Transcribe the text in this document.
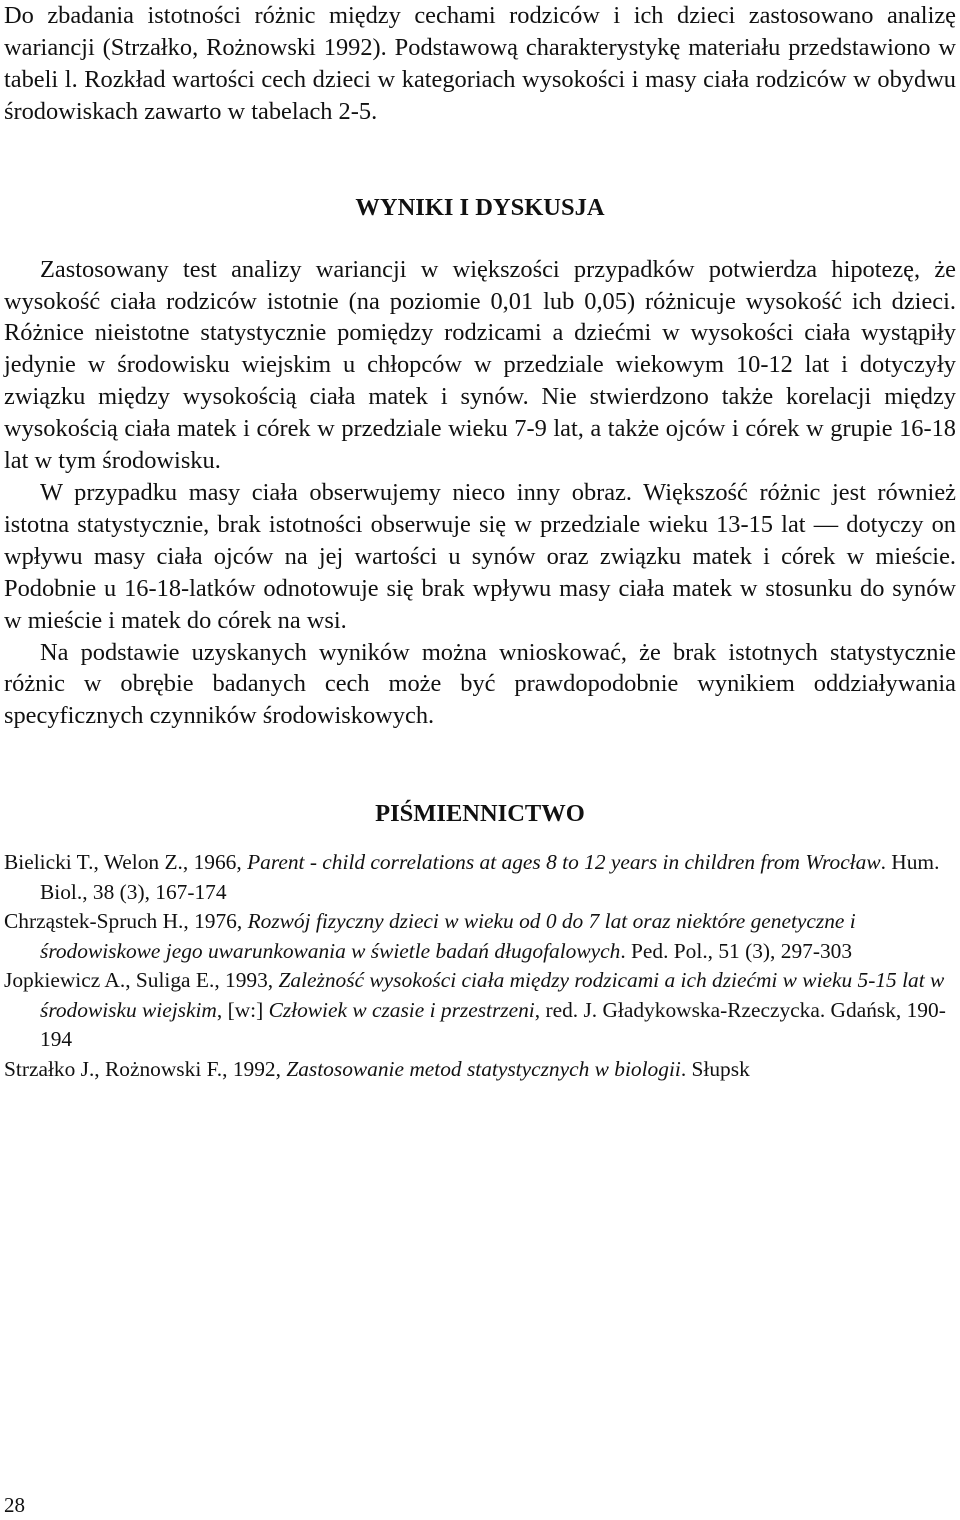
Do zbadania istotności różnic między cechami rodziców i ich dzieci zastosowano analizę wariancji (Strzałko, Rożnowski 1992). Podstawową charakterystykę materiału przedstawiono w tabeli l. Rozkład wartości cech dzieci w kategoriach wysokości i masy ciała rodziców w obydwu środowiskach zawarto w tabelach 2-5.

WYNIKI I DYSKUSJA

Zastosowany test analizy wariancji w większości przypadków potwierdza hipotezę, że wysokość ciała rodziców istotnie (na poziomie 0,01 lub 0,05) różnicuje wysokość ich dzieci. Różnice nieistotne statystycznie pomiędzy rodzicami a dziećmi w wysokości ciała wystąpiły jedynie w środowisku wiejskim u chłopców w przedziale wiekowym 10-12 lat i dotyczyły związku między wysokością ciała matek i synów. Nie stwierdzono także korelacji między wysokością ciała matek i córek w przedziale wieku 7-9 lat, a także ojców i córek w grupie 16-18 lat w tym środowisku.

W przypadku masy ciała obserwujemy nieco inny obraz. Większość różnic jest również istotna statystycznie, brak istotności obserwuje się w przedziale wieku 13-15 lat — dotyczy on wpływu masy ciała ojców na jej wartości u synów oraz związku matek i córek w mieście. Podobnie u 16-18-latków odnotowuje się brak wpływu masy ciała matek w stosunku do synów w mieście i matek do córek na wsi.

Na podstawie uzyskanych wyników można wnioskować, że brak istotnych statystycznie różnic w obrębie badanych cech może być prawdopodobnie wynikiem oddziaływania specyficznych czynników środowiskowych.

PIŚMIENNICTWO
Bielicki T., Welon Z., 1966, Parent - child correlations at ages 8 to 12 years in children from Wrocław. Hum. Biol., 38 (3), 167-174
Chrząstek-Spruch H., 1976, Rozwój fizyczny dzieci w wieku od 0 do 7 lat oraz niektóre genetyczne i środowiskowe jego uwarunkowania w świetle badań długofalowych. Ped. Pol., 51 (3), 297-303
Jopkiewicz A., Suliga E., 1993, Zależność wysokości ciała między rodzicami a ich dziećmi w wieku 5-15 lat w środowisku wiejskim, [w:] Człowiek w czasie i przestrzeni, red. J. Gładykowska-Rzeczycka. Gdańsk, 190-194
Strzałko J., Rożnowski F., 1992, Zastosowanie metod statystycznych w biologii. Słupsk
28
